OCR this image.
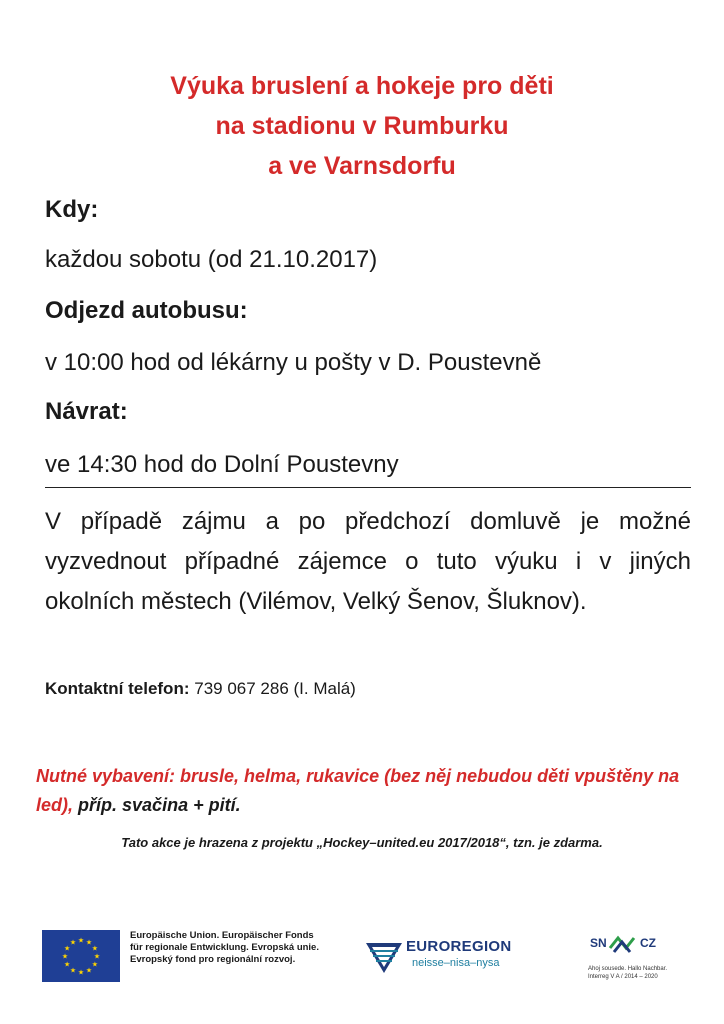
Výuka bruslení a hokeje pro děti
na stadionu v Rumburku
a ve Varnsdorfu
Kdy:
každou sobotu (od 21.10.2017)
Odjezd autobusu:
v 10:00 hod od lékárny u pošty v D. Poustevně
Návrat:
ve 14:30 hod do Dolní Poustevny
V případě zájmu a po předchozí domluvě je možné vyzvednout případné zájemce o tuto výuku i v jiných okolních městech (Vilémov, Velký Šenov, Šluknov).
Kontaktní telefon: 739 067 286 (I. Malá)
Nutné vybavení: brusle, helma, rukavice (bez něj nebudou děti vpuštěny na led), příp. svačina + pití.
Tato akce je hrazena z projektu „Hockey–united.eu 2017/2018“, tzn. je zdarma.
★ ★
★
★
★
★
★
★
★
★
★
★
Europäische Union. Europäischer Fonds für regionale Entwicklung. Evropská unie. Evropský fond pro regionální rozvoj.
EUROREGION
neisse–nisa–nysa
SN	CZ
Ahoj sousede. Hallo Nachbar. Interreg V A / 2014 – 2020
